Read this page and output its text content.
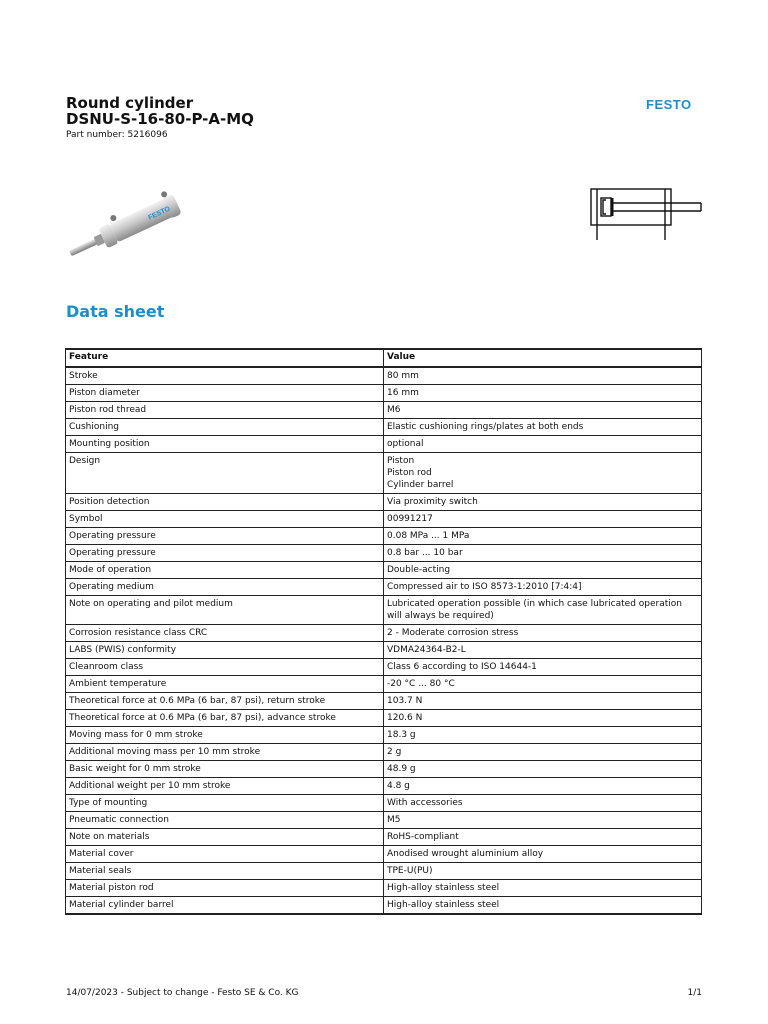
Round cylinder
DSNU-S-16-80-P-A-MQ
Part number: 5216096
FESTO
FESTO
Data sheet
Feature	Value
Stroke	80 mm
Piston diameter	16 mm
Piston rod thread	M6
Cushioning	Elastic cushioning rings/plates at both ends
Mounting position	optional
Design	Piston
Piston rod
Cylinder barrel
Position detection	Via proximity switch
Symbol	00991217
Operating pressure	0.08 MPa ... 1 MPa
Operating pressure	0.8 bar ... 10 bar
Mode of operation	Double-acting
Operating medium	Compressed air to ISO 8573-1:2010 [7:4:4]
Note on operating and pilot medium	Lubricated operation possible (in which case lubricated operation will always be required)
Corrosion resistance class CRC	2 - Moderate corrosion stress
LABS (PWIS) conformity	VDMA24364-B2-L
Cleanroom class	Class 6 according to ISO 14644-1
Ambient temperature	-20 °C ... 80 °C
Theoretical force at 0.6 MPa (6 bar, 87 psi), return stroke	103.7 N
Theoretical force at 0.6 MPa (6 bar, 87 psi), advance stroke	120.6 N
Moving mass for 0 mm stroke	18.3 g
Additional moving mass per 10 mm stroke	2 g
Basic weight for 0 mm stroke	48.9 g
Additional weight per 10 mm stroke	4.8 g
Type of mounting	With accessories
Pneumatic connection	M5
Note on materials	RoHS-compliant
Material cover	Anodised wrought aluminium alloy
Material seals	TPE-U(PU)
Material piston rod	High-alloy stainless steel
Material cylinder barrel	High-alloy stainless steel
14/07/2023 - Subject to change - Festo SE & Co. KG	1/1
